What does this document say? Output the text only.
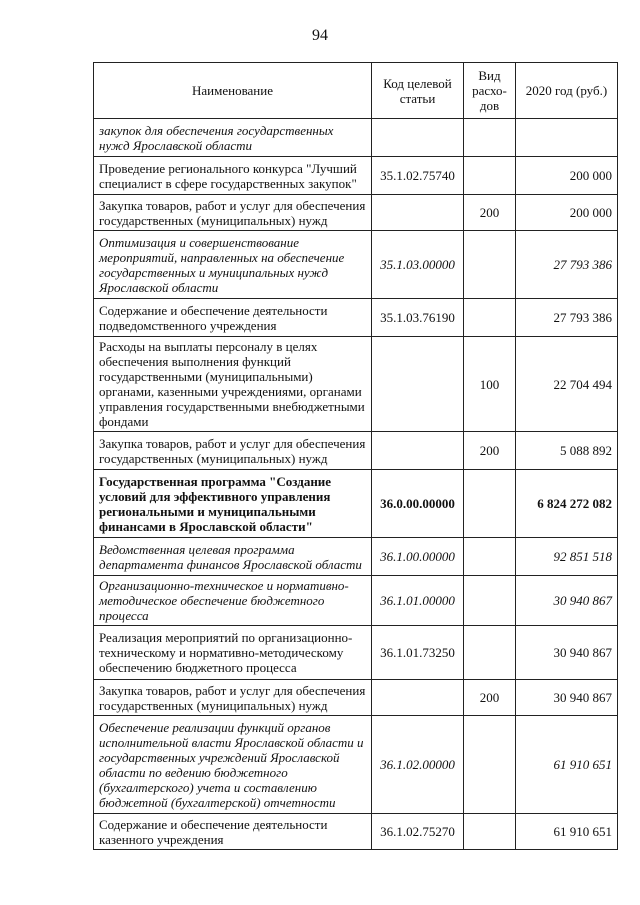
94
Наименование	Код целевой статьи	Вид расхо-дов	2020 год (руб.)
закупок для обеспечения государственных нужд Ярославской области			
Проведение регионального конкурса "Лучший специалист в сфере государственных закупок"	35.1.02.75740		200 000
Закупка товаров, работ и услуг для обеспечения государственных (муниципальных) нужд		200	200 000
Оптимизация и совершенствование мероприятий, направленных на обеспечение государственных и муниципальных нужд Ярославской области	35.1.03.00000		27 793 386
Содержание и обеспечение деятельности подведомственного учреждения	35.1.03.76190		27 793 386
Расходы на выплаты персоналу в целях обеспечения выполнения функций государственными (муниципальными) органами, казенными учреждениями, органами управления государственными внебюджетными фондами		100	22 704 494
Закупка товаров, работ и услуг для обеспечения государственных (муниципальных) нужд		200	5 088 892
Государственная программа "Создание условий для эффективного управления региональными и муниципальными финансами в Ярославской области"	36.0.00.00000		6 824 272 082
Ведомственная целевая программа департамента финансов Ярославской области	36.1.00.00000		92 851 518
Организационно-техническое и нормативно-методическое обеспечение бюджетного процесса	36.1.01.00000		30 940 867
Реализация мероприятий по организационно-техническому и нормативно-методическому обеспечению бюджетного процесса	36.1.01.73250		30 940 867
Закупка товаров, работ и услуг для обеспечения государственных (муниципальных) нужд		200	30 940 867
Обеспечение реализации функций органов исполнительной власти Ярославской области и государственных учреждений Ярославской области по ведению бюджетного (бухгалтерского) учета и составлению бюджетной (бухгалтерской) отчетности	36.1.02.00000		61 910 651
Содержание и обеспечение деятельности казенного учреждения	36.1.02.75270		61 910 651
